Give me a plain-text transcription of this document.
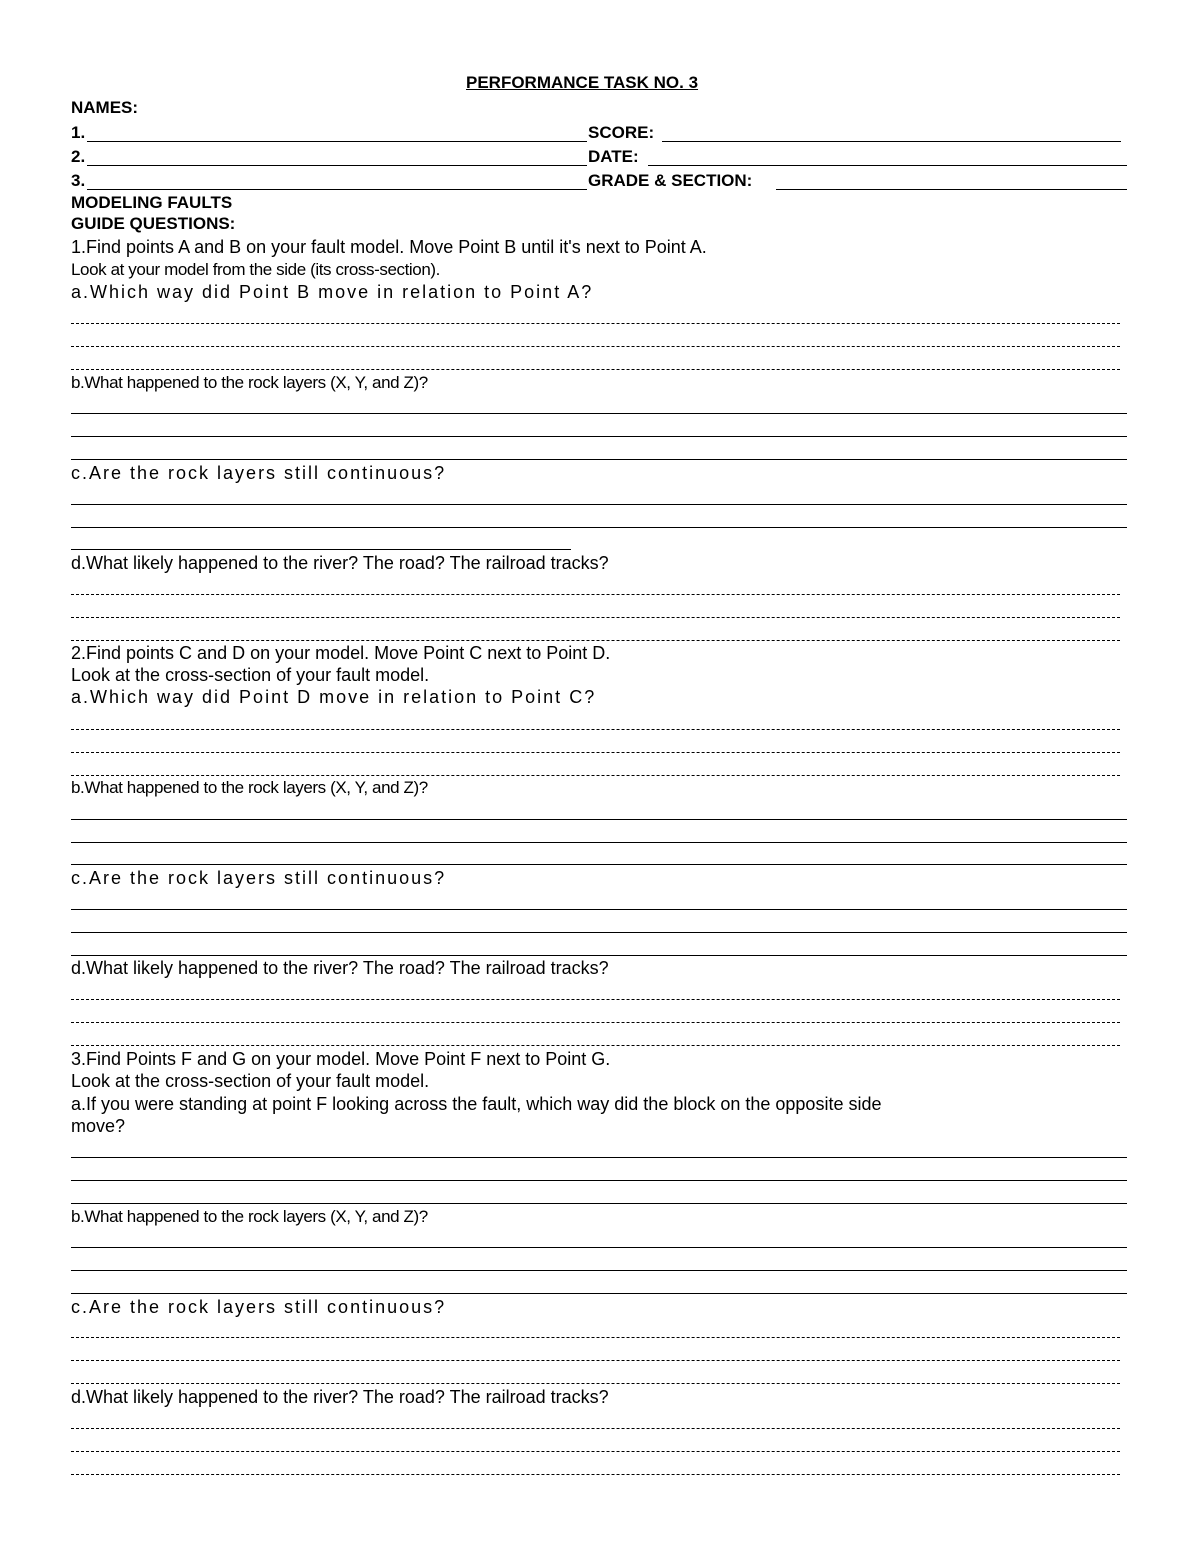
PERFORMANCE TASK NO. 3
NAMES:
1.	SCORE:
2.	DATE:
3.	GRADE & SECTION:
MODELING FAULTS
GUIDE QUESTIONS:
1.Find points A and B on your fault model. Move Point B until it's next to Point A.
Look at your model from the side (its cross-section).
a.Which way did Point B move in relation to Point A?
b.What happened to the rock layers (X, Y, and Z)?
c.Are the rock layers still continuous?
d.What likely happened to the river? The road? The railroad tracks?
2.Find points C and D on your model. Move Point C next to Point D.
Look at the cross-section of your fault model.
a.Which way did Point D move in relation to Point C?
b.What happened to the rock layers (X, Y, and Z)?
c.Are the rock layers still continuous?
d.What likely happened to the river? The road? The railroad tracks?
3.Find Points F and G on your model. Move Point F next to Point G.
Look at the cross-section of your fault model.
a.If you were standing at point F looking across the fault, which way did the block on the opposite side
move?
b.What happened to the rock layers (X, Y, and Z)?
c.Are the rock layers still continuous?
d.What likely happened to the river? The road? The railroad tracks?
